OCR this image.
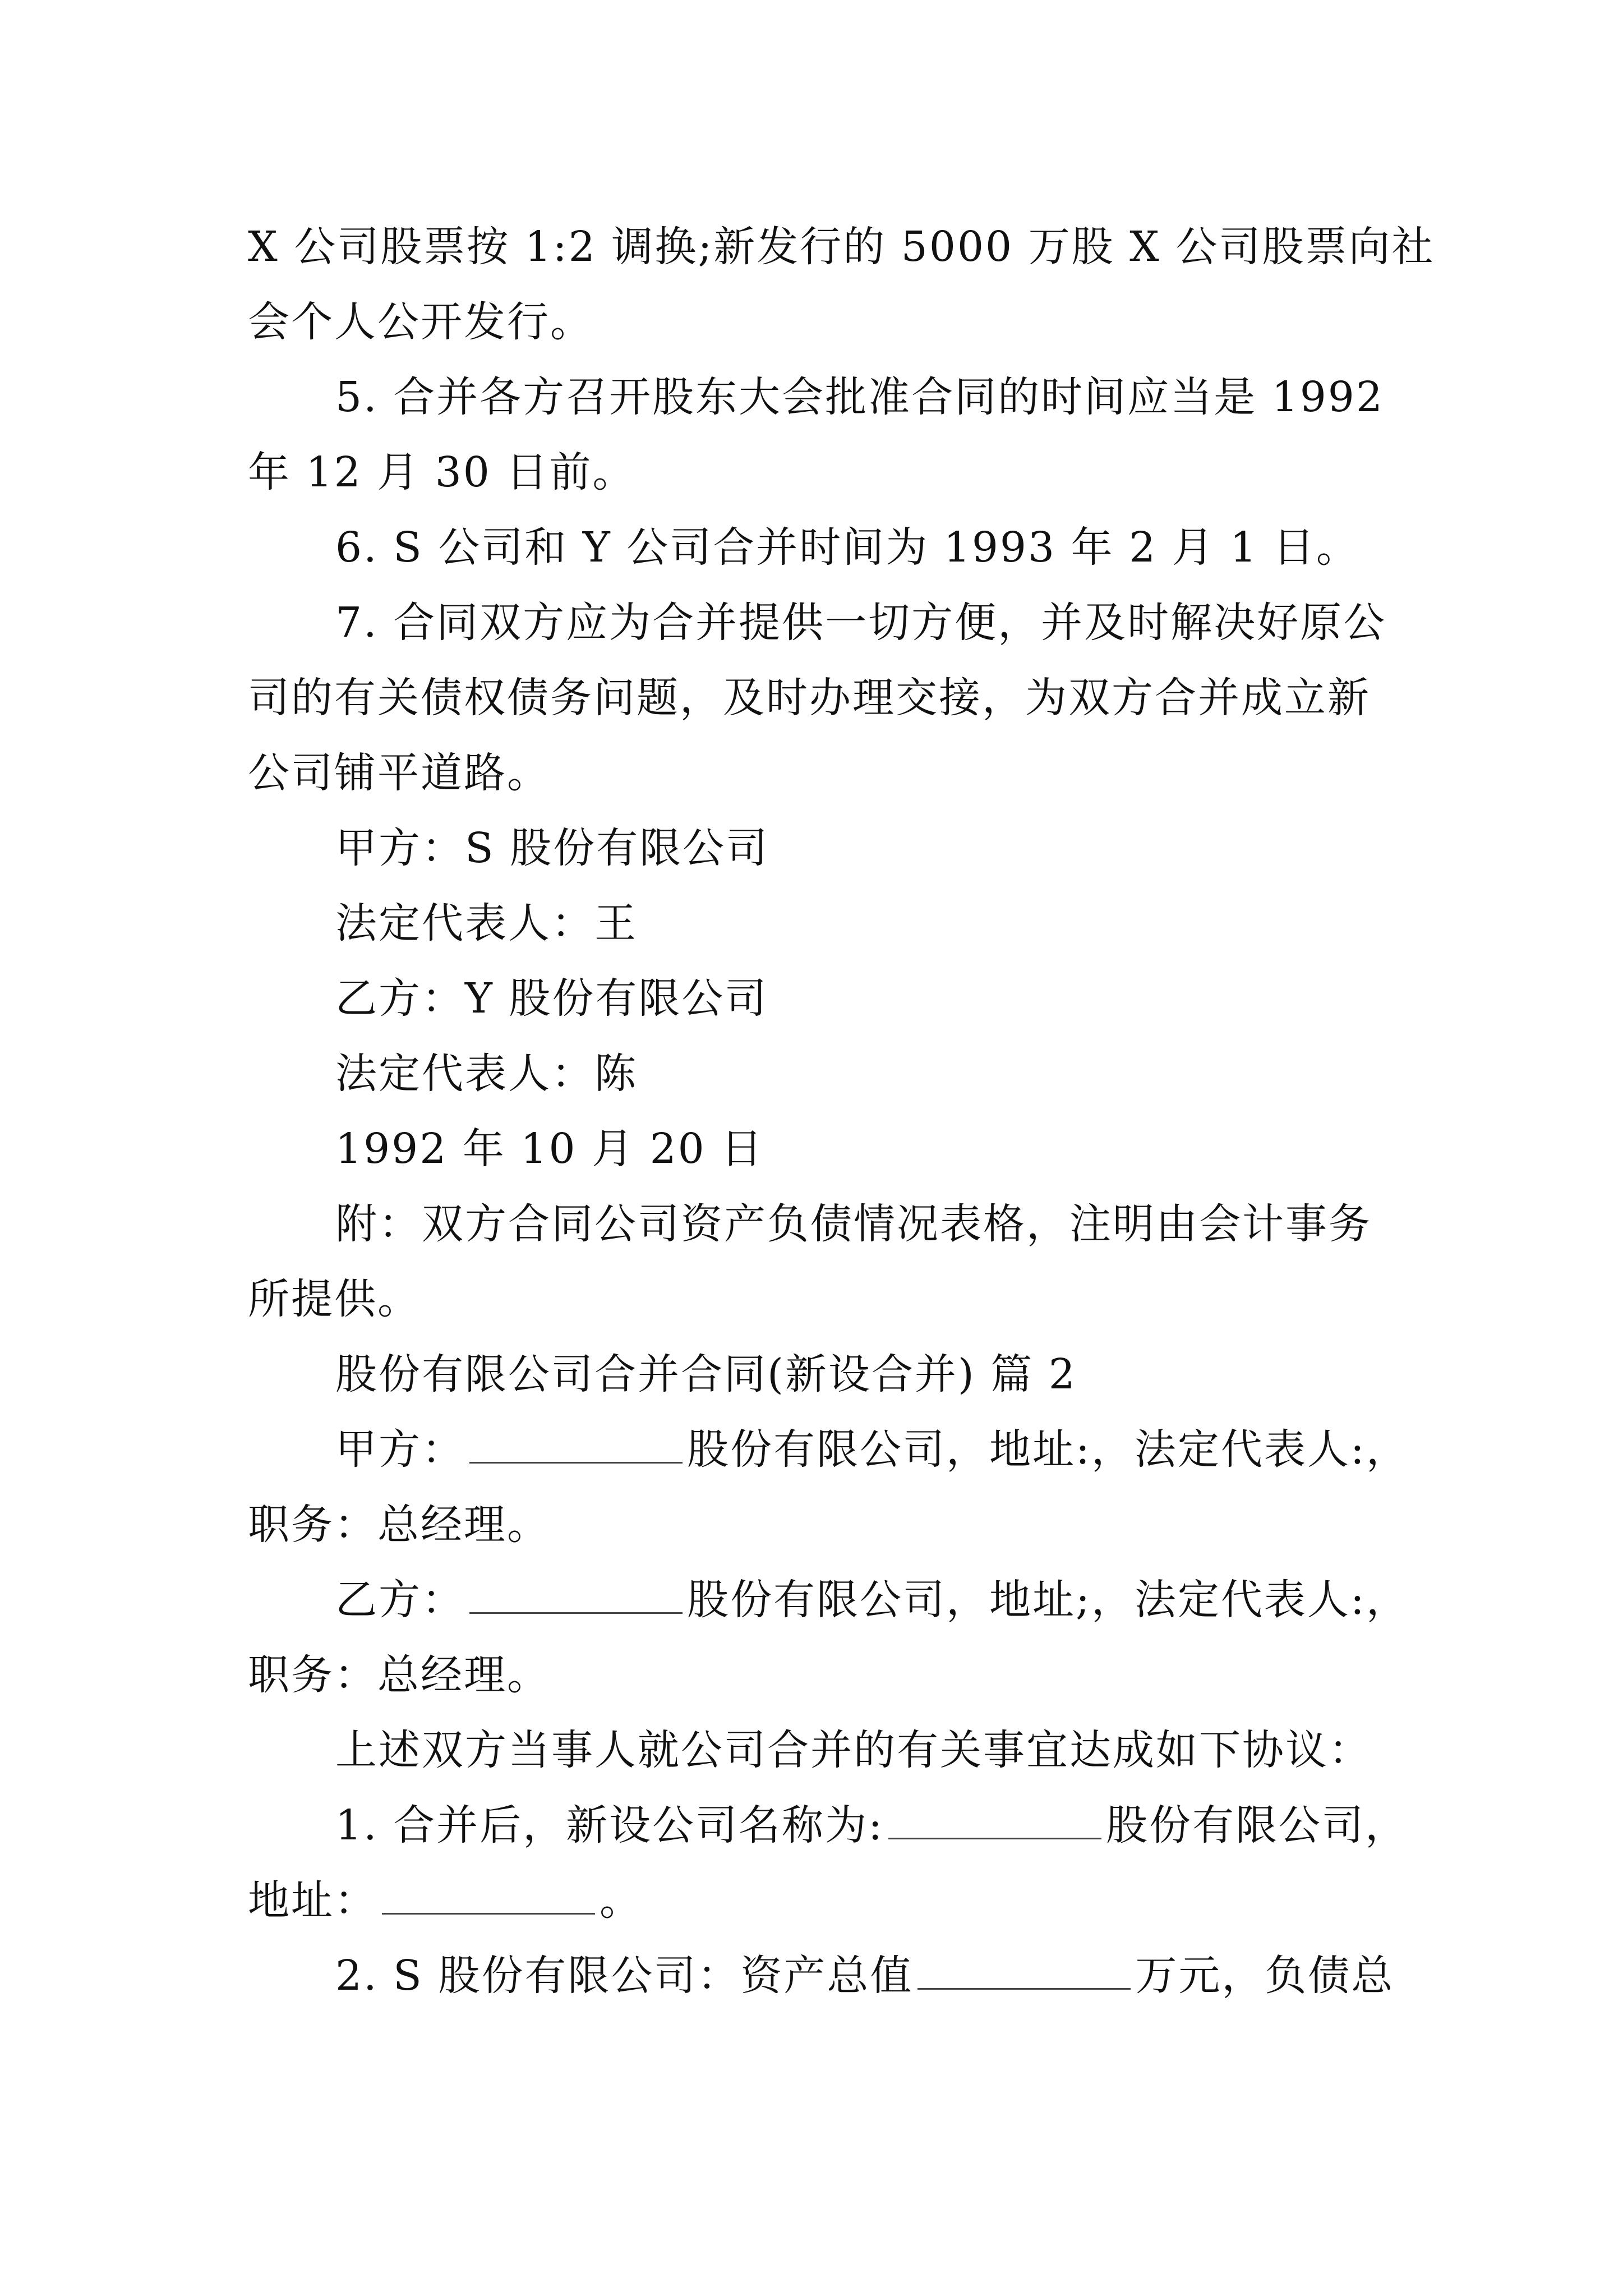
X 公司股票按 1:2 调换;新发行的 5000 万股 X 公司股票向社
会个人公开发行。
5. 合并各方召开股东大会批准合同的时间应当是 1992
年 12 月 30 日前。
6. S 公司和 Y 公司合并时间为 1993 年 2 月 1 日。
7. 合同双方应为合并提供一切方便，并及时解决好原公
司的有关债权债务问题，及时办理交接，为双方合并成立新
公司铺平道路。
甲方：S 股份有限公司
法定代表人：王
乙方：Y 股份有限公司
法定代表人：陈
1992 年 10 月 20 日
附：双方合同公司资产负债情况表格，注明由会计事务
所提供。
股份有限公司合并合同(新设合并) 篇 2
甲方：	股份有限公司，地址:，法定代表人:，
职务：总经理。
乙方：	股份有限公司，地址;，法定代表人:，
职务：总经理。
上述双方当事人就公司合并的有关事宜达成如下协议：
1. 合并后，新设公司名称为:	股份有限公司，
地址：	。
2. S 股份有限公司：资产总值	万元，负债总
